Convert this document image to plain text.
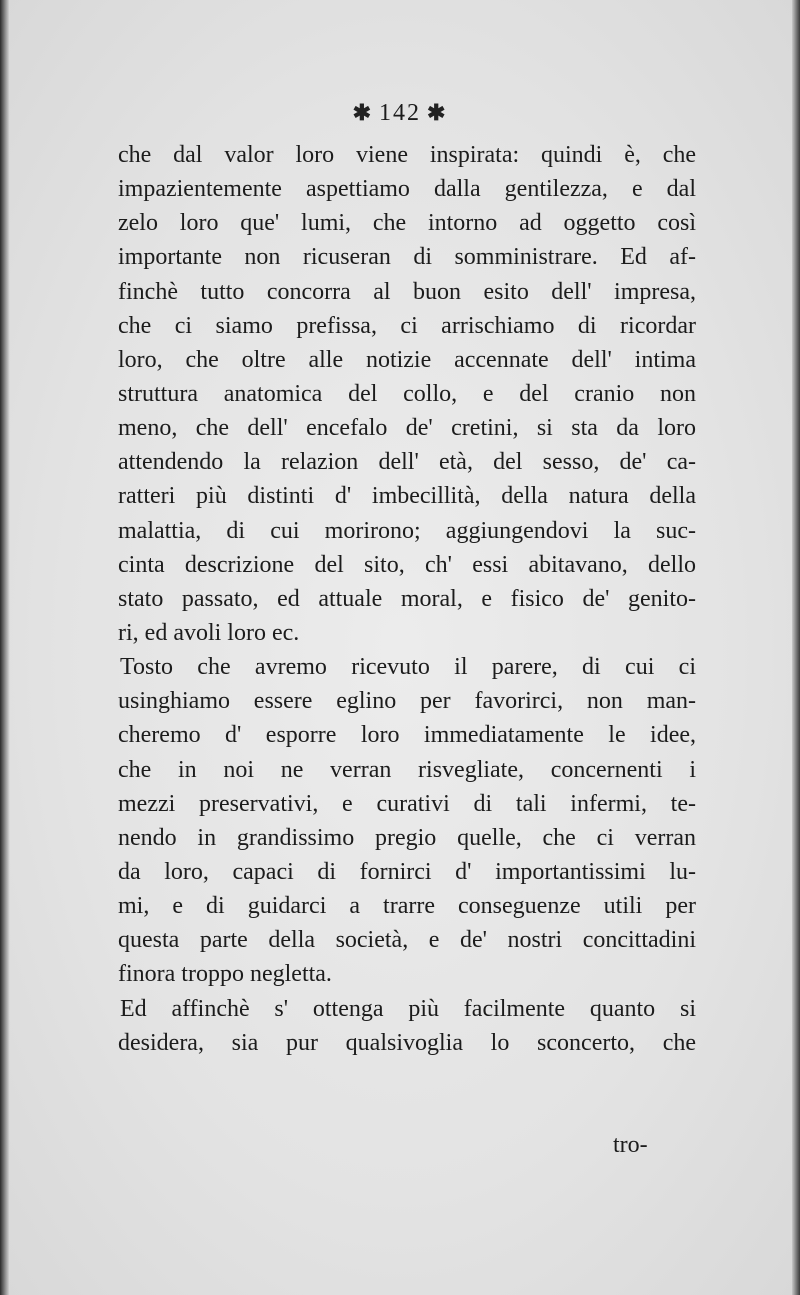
✱ 142 ✱
che dal valor loro viene inspirata: quindi è, che
impazientemente aspettiamo dalla gentilezza, e dal
zelo loro que' lumi, che intorno ad oggetto così
importante non ricuseran di somministrare. Ed af-
finchè tutto concorra al buon esito dell' impresa,
che ci siamo prefissa, ci arrischiamo di ricordar
loro, che oltre alle notizie accennate dell' intima
struttura anatomica del collo, e del cranio non
meno, che dell' encefalo de' cretini, si sta da loro
attendendo la relazion dell' età, del sesso, de' ca-
ratteri più distinti d' imbecillità, della natura della
malattia, di cui morirono; aggiungendovi la suc-
cinta descrizione del sito, ch' essi abitavano, dello
stato passato, ed attuale moral, e fisico de' genito-
ri, ed avoli loro ec.
Tosto che avremo ricevuto il parere, di cui ci
usinghiamo essere eglino per favorirci, non man-
cheremo d' esporre loro immediatamente le idee,
che in noi ne verran risvegliate, concernenti i
mezzi preservativi, e curativi di tali infermi, te-
nendo in grandissimo pregio quelle, che ci verran
da loro, capaci di fornirci d' importantissimi lu-
mi, e di guidarci a trarre conseguenze utili per
questa parte della società, e de' nostri concittadini
finora troppo negletta.
Ed affinchè s' ottenga più facilmente quanto si
desidera, sia pur qualsivoglia lo sconcerto, che
tro-
